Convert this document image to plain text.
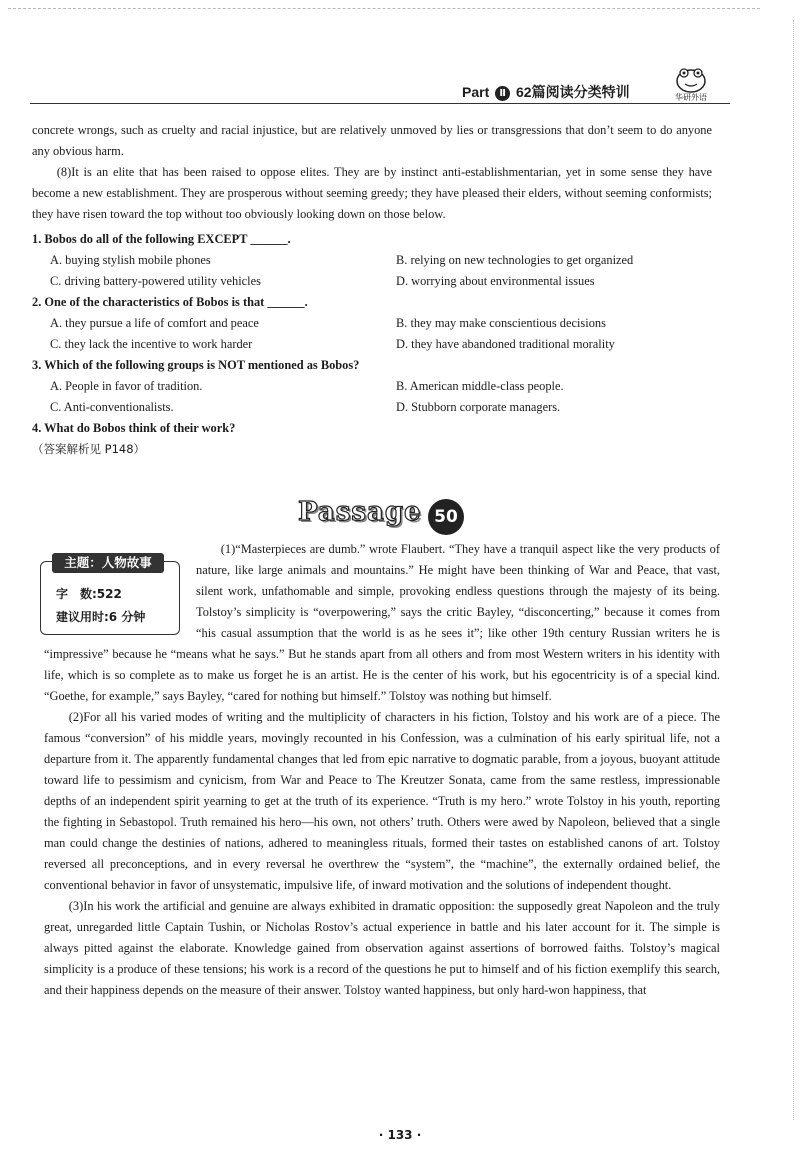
Part Ⅱ 62篇阅读分类特训	华研外语

concrete wrongs, such as cruelty and racial injustice, but are relatively unmoved by lies or transgressions that don’t seem to do anyone any obvious harm.

(8)It is an elite that has been raised to oppose elites. They are by instinct anti-establishmentarian, yet in some sense they have become a new establishment. They are prosperous without seeming greedy; they have pleased their elders, without seeming conformists; they have risen toward the top without too obviously looking down on those below.

1. Bobos do all of the following EXCEPT ______.

A. buying stylish mobile phones	B. relying on new technologies to get organized
C. driving battery-powered utility vehicles	D. worrying about environmental issues

2. One of the characteristics of Bobos is that ______.

A. they pursue a life of comfort and peace	B. they may make conscientious decisions
C. they lack the incentive to work harder	D. they have abandoned traditional morality

3. Which of the following groups is NOT mentioned as Bobos?

A. People in favor of tradition.	B. American middle-class people.
C. Anti-conventionalists.	D. Stubborn corporate managers.

4. What do Bobos think of their work?

（答案解析见 P148）

Passage 50
主题：人物故事
字　数:522
建议用时:6 分钟

(1)“Masterpieces are dumb.” wrote Flaubert. “They have a tranquil aspect like the very products of nature, like large animals and mountains.” He might have been thinking of War and Peace, that vast, silent work, unfathomable and simple, provoking endless questions through the majesty of its being. Tolstoy’s simplicity is “overpowering,” says the critic Bayley, “disconcerting,” because it comes from “his casual assumption that the world is as he sees it”; like other 19th century Russian writers he is “impressive” because he “means what he says.” But he stands apart from all others and from most Western writers in his identity with life, which is so complete as to make us forget he is an artist. He is the center of his work, but his egocentricity is of a special kind. “Goethe, for example,” says Bayley, “cared for nothing but himself.” Tolstoy was nothing but himself.

(2)For all his varied modes of writing and the multiplicity of characters in his fiction, Tolstoy and his work are of a piece. The famous “conversion” of his middle years, movingly recounted in his Confession, was a culmination of his early spiritual life, not a departure from it. The apparently fundamental changes that led from epic narrative to dogmatic parable, from a joyous, buoyant attitude toward life to pessimism and cynicism, from War and Peace to The Kreutzer Sonata, came from the same restless, impressionable depths of an independent spirit yearning to get at the truth of its experience. “Truth is my hero.” wrote Tolstoy in his youth, reporting the fighting in Sebastopol. Truth remained his hero—his own, not others’ truth. Others were awed by Napoleon, believed that a single man could change the destinies of nations, adhered to meaningless rituals, formed their tastes on established canons of art. Tolstoy reversed all preconceptions, and in every reversal he overthrew the “system”, the “machine”, the externally ordained belief, the conventional behavior in favor of unsystematic, impulsive life, of inward motivation and the solutions of independent thought.

(3)In his work the artificial and genuine are always exhibited in dramatic opposition: the supposedly great Napoleon and the truly great, unregarded little Captain Tushin, or Nicholas Rostov’s actual experience in battle and his later account for it. The simple is always pitted against the elaborate. Knowledge gained from observation against assertions of borrowed faiths. Tolstoy’s magical simplicity is a produce of these tensions; his work is a record of the questions he put to himself and of his fiction exemplify this search, and their happiness depends on the measure of their answer. Tolstoy wanted happiness, but only hard-won happiness, that

· 133 ·
